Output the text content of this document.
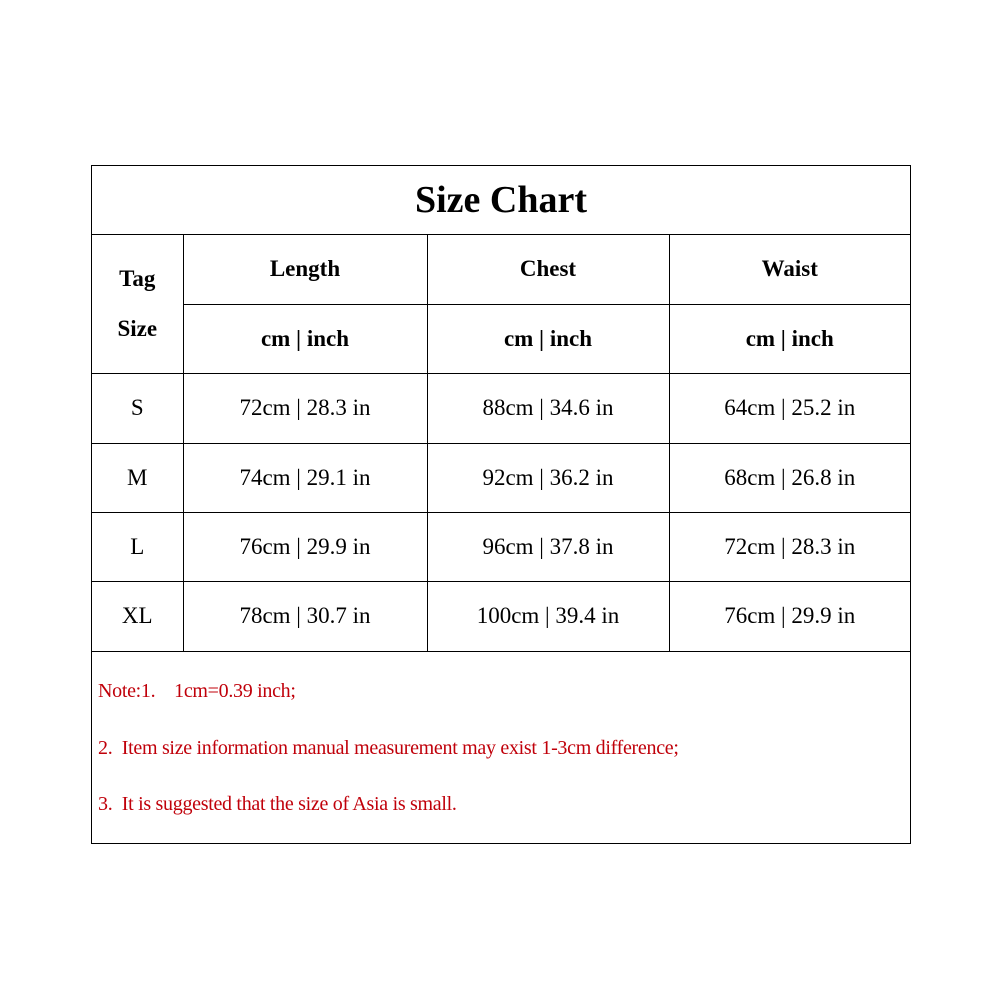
Size Chart
Tag
Size	Length	Chest	Waist
	cm | inch	cm | inch	cm | inch
S	72cm | 28.3 in	88cm | 34.6 in	64cm | 25.2 in
M	74cm | 29.1 in	92cm | 36.2 in	68cm | 26.8 in
L	76cm | 29.9 in	96cm | 37.8 in	72cm | 28.3 in
XL	78cm | 30.7 in	100cm | 39.4 in	76cm | 29.9 in
Note:1.    1cm=0.39 inch;
2.  Item size information manual measurement may exist 1-3cm difference;
3.  It is suggested that the size of Asia is small.
